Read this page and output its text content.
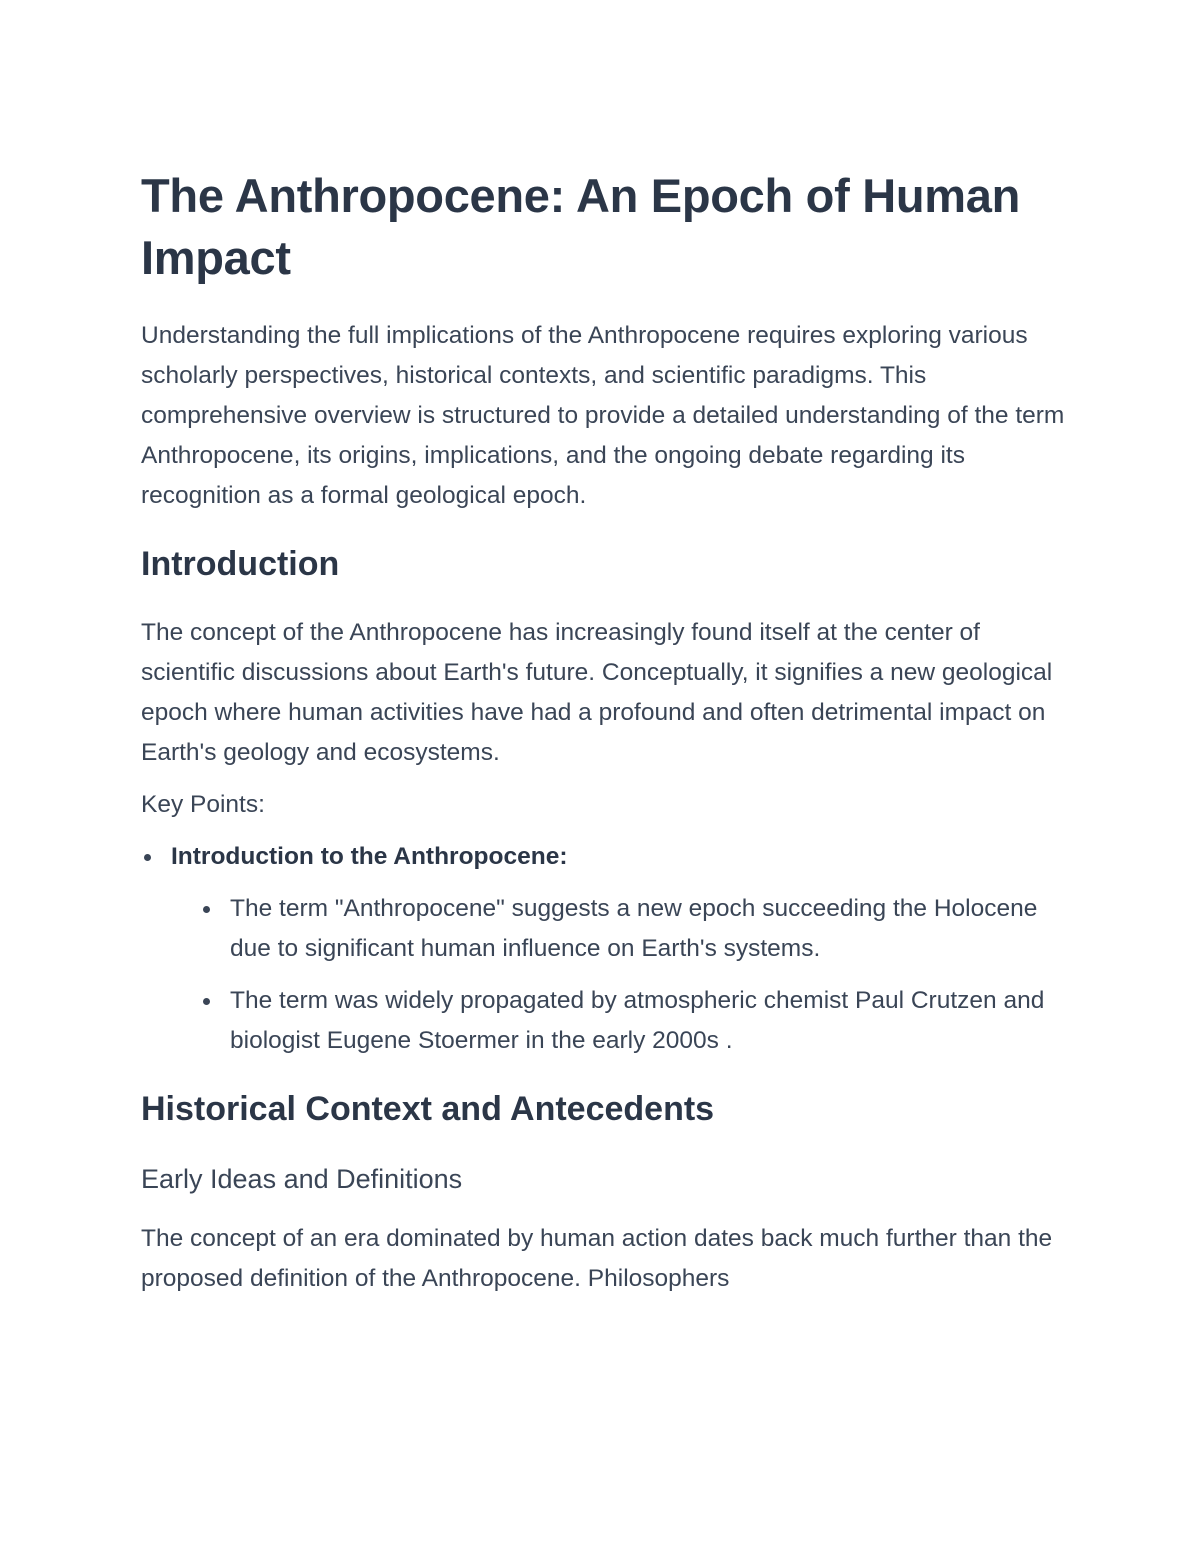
The Anthropocene: An Epoch of Human Impact

Understanding the full implications of the Anthropocene requires exploring various scholarly perspectives, historical contexts, and scientific paradigms. This comprehensive overview is structured to provide a detailed understanding of the term Anthropocene, its origins, implications, and the ongoing debate regarding its recognition as a formal geological epoch.

Introduction

The concept of the Anthropocene has increasingly found itself at the center of scientific discussions about Earth's future. Conceptually, it signifies a new geological epoch where human activities have had a profound and often detrimental impact on Earth's geology and ecosystems.

Key Points:

Introduction to the Anthropocene:
The term "Anthropocene" suggests a new epoch succeeding the Holocene due to significant human influence on Earth's systems.
The term was widely propagated by atmospheric chemist Paul Crutzen and biologist Eugene Stoermer in the early 2000s .
Historical Context and Antecedents
Early Ideas and Definitions

The concept of an era dominated by human action dates back much further than the proposed definition of the Anthropocene. Philosophers
